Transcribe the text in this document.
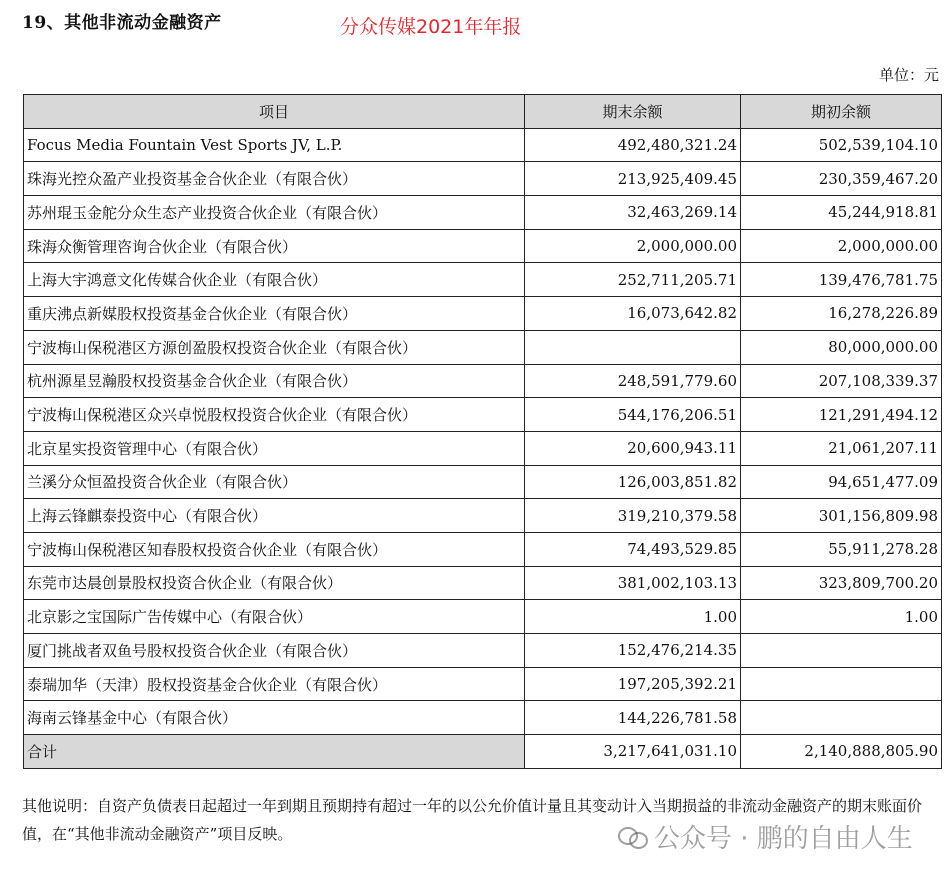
19、其他非流动金融资产	分众传媒2021年年报
单位：元
项目	期末余额	期初余额
Focus Media Fountain Vest Sports JV, L.P.	492,480,321.24	502,539,104.10
珠海光控众盈产业投资基金合伙企业（有限合伙）	213,925,409.45	230,359,467.20
苏州琨玉金舵分众生态产业投资合伙企业（有限合伙）	32,463,269.14	45,244,918.81
珠海众衡管理咨询合伙企业（有限合伙）	2,000,000.00	2,000,000.00
上海大宇鸿意文化传媒合伙企业（有限合伙）	252,711,205.71	139,476,781.75
重庆沸点新媒股权投资基金合伙企业（有限合伙）	16,073,642.82	16,278,226.89
宁波梅山保税港区方源创盈股权投资合伙企业（有限合伙）		80,000,000.00
杭州源星昱瀚股权投资基金合伙企业（有限合伙）	248,591,779.60	207,108,339.37
宁波梅山保税港区众兴卓悦股权投资合伙企业（有限合伙）	544,176,206.51	121,291,494.12
北京星实投资管理中心（有限合伙）	20,600,943.11	21,061,207.11
兰溪分众恒盈投资合伙企业（有限合伙）	126,003,851.82	94,651,477.09
上海云锋麒泰投资中心（有限合伙）	319,210,379.58	301,156,809.98
宁波梅山保税港区知春股权投资合伙企业（有限合伙）	74,493,529.85	55,911,278.28
东莞市达晨创景股权投资合伙企业（有限合伙）	381,002,103.13	323,809,700.20
北京影之宝国际广告传媒中心（有限合伙）	1.00	1.00
厦门挑战者双鱼号股权投资合伙企业（有限合伙）	152,476,214.35	
泰瑞加华（天津）股权投资基金合伙企业（有限合伙）	197,205,392.21	
海南云锋基金中心（有限合伙）	144,226,781.58	
合计	3,217,641,031.10	2,140,888,805.90
其他说明：自资产负债表日起超过一年到期且预期持有超过一年的以公允价值计量且其变动计入当期损益的非流动金融资产的期末账面价值，在“其他非流动金融资产”项目反映。	公众号 · 鹏的自由人生
